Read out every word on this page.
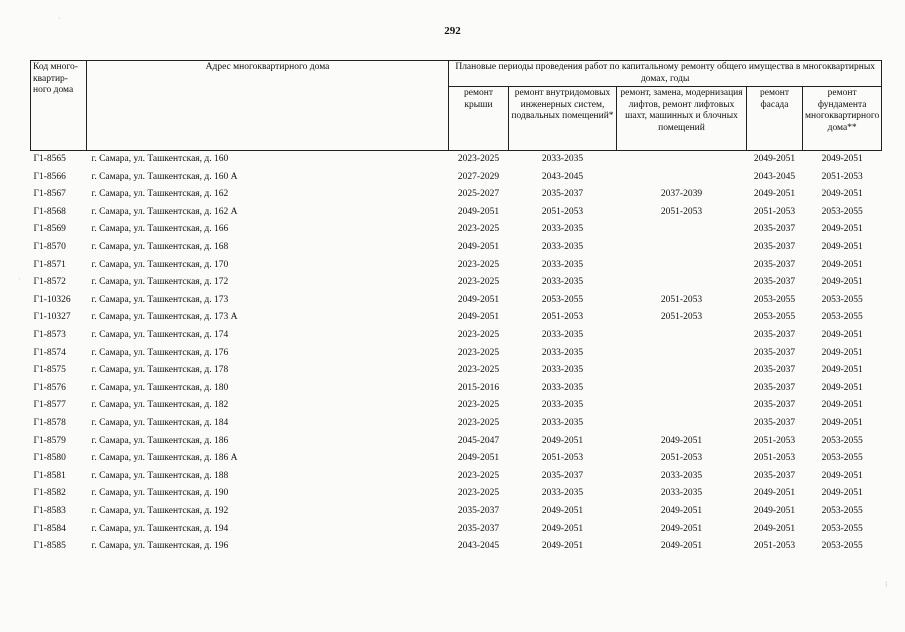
292
Код много-квартир-ного дома	Адрес многоквартирного дома	Плановые периоды проведения работ по капитальному ремонту общего имущества в многоквартирных домах, годы				
		ремонт крыши	ремонт внутридомовых инженерных систем, подвальных помещений*	ремонт, замена, модернизация лифтов, ремонт лифтовых шахт, машинных и блочных помещений	ремонт фасада	ремонт фундамента многоквартирного дома**
Г1-8565	г. Самара, ул. Ташкентская, д. 160	2023-2025	2033-2035		2049-2051	2049-2051
Г1-8566	г. Самара, ул. Ташкентская, д. 160 А	2027-2029	2043-2045		2043-2045	2051-2053
Г1-8567	г. Самара, ул. Ташкентская, д. 162	2025-2027	2035-2037	2037-2039	2049-2051	2049-2051
Г1-8568	г. Самара, ул. Ташкентская, д. 162 А	2049-2051	2051-2053	2051-2053	2051-2053	2053-2055
Г1-8569	г. Самара, ул. Ташкентская, д. 166	2023-2025	2033-2035		2035-2037	2049-2051
Г1-8570	г. Самара, ул. Ташкентская, д. 168	2049-2051	2033-2035		2035-2037	2049-2051
Г1-8571	г. Самара, ул. Ташкентская, д. 170	2023-2025	2033-2035		2035-2037	2049-2051
Г1-8572	г. Самара, ул. Ташкентская, д. 172	2023-2025	2033-2035		2035-2037	2049-2051
Г1-10326	г. Самара, ул. Ташкентская, д. 173	2049-2051	2053-2055	2051-2053	2053-2055	2053-2055
Г1-10327	г. Самара, ул. Ташкентская, д. 173 А	2049-2051	2051-2053	2051-2053	2053-2055	2053-2055
Г1-8573	г. Самара, ул. Ташкентская, д. 174	2023-2025	2033-2035		2035-2037	2049-2051
Г1-8574	г. Самара, ул. Ташкентская, д. 176	2023-2025	2033-2035		2035-2037	2049-2051
Г1-8575	г. Самара, ул. Ташкентская, д. 178	2023-2025	2033-2035		2035-2037	2049-2051
Г1-8576	г. Самара, ул. Ташкентская, д. 180	2015-2016	2033-2035		2035-2037	2049-2051
Г1-8577	г. Самара, ул. Ташкентская, д. 182	2023-2025	2033-2035		2035-2037	2049-2051
Г1-8578	г. Самара, ул. Ташкентская, д. 184	2023-2025	2033-2035		2035-2037	2049-2051
Г1-8579	г. Самара, ул. Ташкентская, д. 186	2045-2047	2049-2051	2049-2051	2051-2053	2053-2055
Г1-8580	г. Самара, ул. Ташкентская, д. 186 А	2049-2051	2051-2053	2051-2053	2051-2053	2053-2055
Г1-8581	г. Самара, ул. Ташкентская, д. 188	2023-2025	2035-2037	2033-2035	2035-2037	2049-2051
Г1-8582	г. Самара, ул. Ташкентская, д. 190	2023-2025	2033-2035	2033-2035	2049-2051	2049-2051
Г1-8583	г. Самара, ул. Ташкентская, д. 192	2035-2037	2049-2051	2049-2051	2049-2051	2053-2055
Г1-8584	г. Самара, ул. Ташкентская, д. 194	2035-2037	2049-2051	2049-2051	2049-2051	2053-2055
Г1-8585	г. Самара, ул. Ташкентская, д. 196	2043-2045	2049-2051	2049-2051	2051-2053	2053-2055
·
·
⁝
